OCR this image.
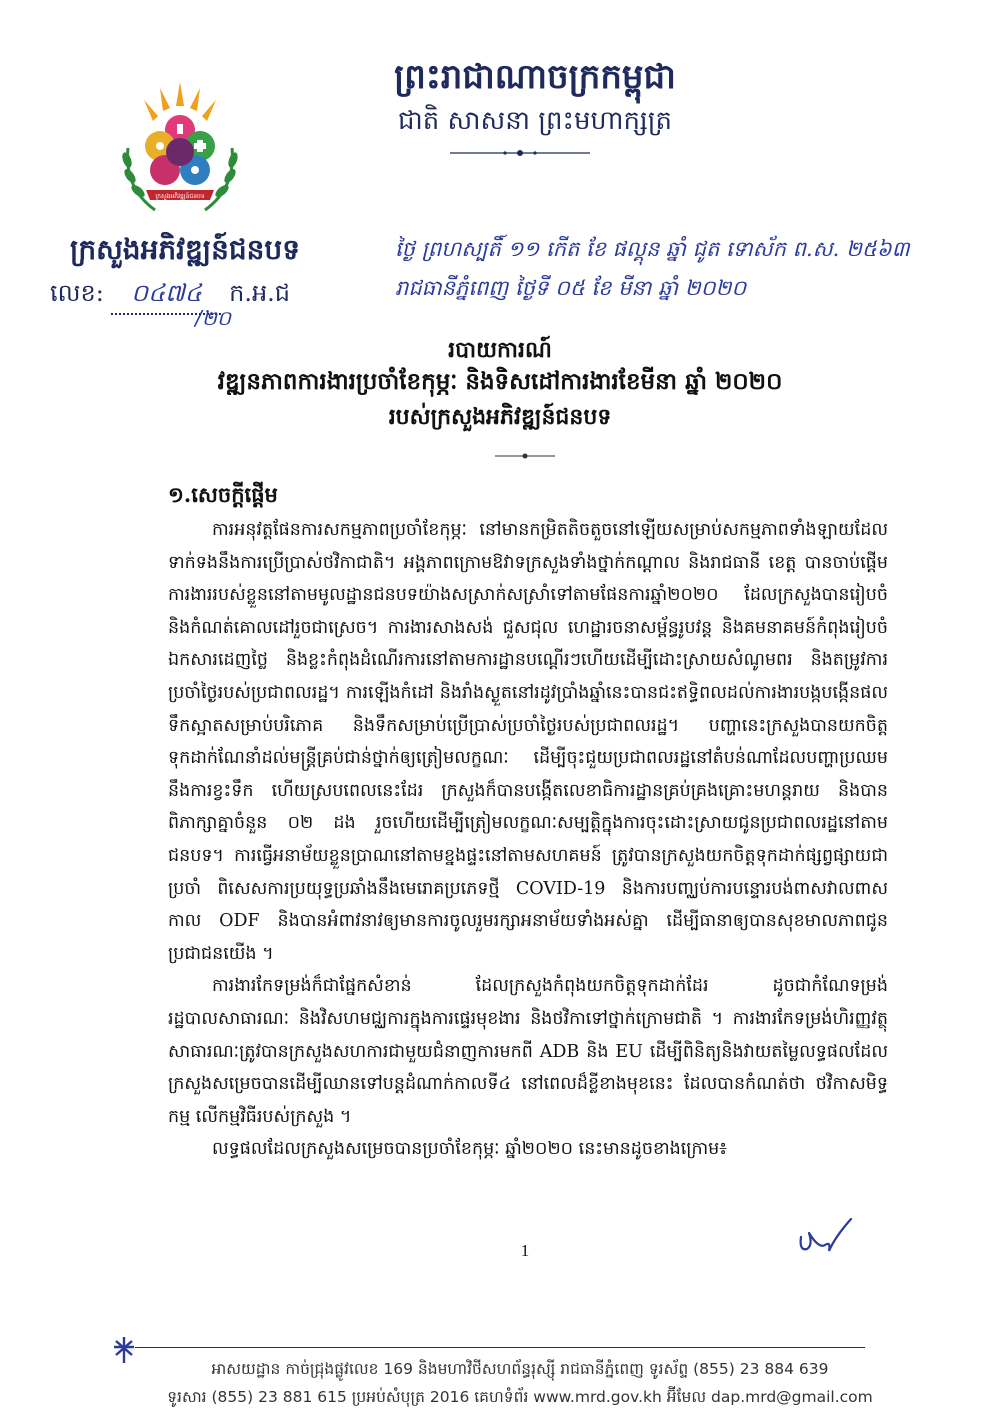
ព្រះរាជាណាចក្រកម្ពុជា
ជាតិ សាសនា ព្រះមហាក្សត្រ
ក្រសួងអភិវឌ្ឍន៍ជនបទ
ក្រសួងអភិវឌ្ឍន៍ជនបទ
លេខ: ០៤៧៤ ក.អ.ជ
/២០
ថ្ងៃ ព្រហស្បតិ៍ ១១ កើត ខែ ផល្គុន ឆ្នាំ ជូត ទោស័ក ព.ស. ២៥៦៣
រាជធានីភ្នំពេញ ថ្ងៃទី ០៥ ខែ មីនា ឆ្នាំ ២០២០
របាយការណ៍
វឌ្ឍនភាពការងារប្រចាំខែកុម្ភៈ និងទិសដៅការងារខែមីនា ឆ្នាំ ២០២០
របស់ក្រសួងអភិវឌ្ឍន៍ជនបទ
១.សេចក្តីផ្តើម

ការអនុវត្តផែនការសកម្មភាពប្រចាំខែកុម្ភៈ នៅមានកម្រិតតិចតួចនៅឡើយសម្រាប់សកម្មភាពទាំងឡាយដែលទាក់ទងនឹងការប្រើប្រាស់ថវិកាជាតិ។ អង្គភាពក្រោមឱវាទក្រសួងទាំងថ្នាក់កណ្តាល និងរាជធានី ខេត្ត បានចាប់ផ្តើមការងាររបស់ខ្លួននៅតាមមូលដ្ឋានជនបទយ៉ាងសស្រាក់សស្រាំទៅតាមផែនការឆ្នាំ២០២០ ដែលក្រសួងបានរៀបចំ និងកំណត់គោលដៅរួចជាស្រេច។ ការងារសាងសង់ ជួសជុល ហេដ្ឋារចនាសម្ព័ន្ធរូបវន្ត និងគមនាគមន៍កំពុងរៀបចំឯកសារដេញថ្លៃ និងខ្លះកំពុងដំណើរការនៅតាមការដ្ឋានបណ្តើរៗហើយដើម្បីដោះស្រាយសំណូមពរ និងតម្រូវការប្រចាំថ្ងៃរបស់ប្រជាពលរដ្ឋ។ ការឡើងកំដៅ និងរាំងស្ងួតនៅរដូវប្រាំងឆ្នាំនេះបានជះឥទ្ធិពលដល់ការងារបង្កបង្កើនផល ទឹកស្អាតសម្រាប់បរិភោគ និងទឹកសម្រាប់ប្រើប្រាស់ប្រចាំថ្ងៃរបស់ប្រជាពលរដ្ឋ។ បញ្ហានេះក្រសួងបានយកចិត្តទុកដាក់ណែនាំដល់មន្ត្រីគ្រប់ជាន់ថ្នាក់ឲ្យត្រៀមលក្ខណៈ ដើម្បីចុះជួយប្រជាពលរដ្ឋនៅតំបន់ណាដែលបញ្ហាប្រឈមនឹងការខ្វះទឹក ហើយស្របពេលនេះដែរ ក្រសួងក៏បានបង្កើតលេខាធិការដ្ឋានគ្រប់គ្រងគ្រោះមហន្តរាយ និងបានពិភាក្សាគ្នាចំនួន ០២ ដង រួចហើយដើម្បីត្រៀមលក្ខណៈសម្បត្តិក្នុងការចុះដោះស្រាយជូនប្រជាពលរដ្ឋនៅតាមជនបទ។ ការធ្វើអនាម័យខ្លួនប្រាណនៅតាមខ្នងផ្ទះនៅតាមសហគមន៍ ត្រូវបានក្រសួងយកចិត្តទុកដាក់ផ្សព្វផ្សាយជាប្រចាំ ពិសេសការប្រយុទ្ធប្រឆាំងនឹងមេរោគប្រភេទថ្មី COVID-19 និងការបញ្ឈប់ការបន្ទោរបង់ពាសវាលពាសកាល ODF និងបានអំពាវនាវឲ្យមានការចូលរួមរក្សាអនាម័យទាំងអស់គ្នា ដើម្បីធានាឲ្យបានសុខមាលភាពជូនប្រជាជនយើង ។

ការងារកែទម្រង់ក៏ជាផ្នែកសំខាន់ ដែលក្រសួងកំពុងយកចិត្តទុកដាក់ដែរ ដូចជាកំណែទម្រង់រដ្ឋបាលសាធារណៈ និងវិសហមជ្ឈការក្នុងការផ្ទេរមុខងារ និងថវិកាទៅថ្នាក់ក្រោមជាតិ ។ ការងារកែទម្រង់ហិរញ្ញវត្ថុសាធារណៈត្រូវបានក្រសួងសហការជាមួយជំនាញការមកពី ADB និង EU ដើម្បីពិនិត្យនិងវាយតម្លៃលទ្ធផលដែលក្រសួងសម្រេចបានដើម្បីឈានទៅបន្តដំណាក់កាលទី៤ នៅពេលដ៏ខ្លីខាងមុខនេះ ដែលបានកំណត់ថា ថវិកាសមិទ្ធកម្ម លើកម្មវិធីរបស់ក្រសួង ។

លទ្ធផលដែលក្រសួងសម្រេចបានប្រចាំខែកុម្ភៈ ឆ្នាំ២០២០ នេះមានដូចខាងក្រោម៖

1
អាសយដ្ឋាន កាច់ជ្រុងផ្លូវលេខ 169 និងមហាវិថីសហព័ន្ធរុស្ស៊ី រាជធានីភ្នំពេញ ទូរស័ព្ទ (855) 23 884 639
ទូរសារ (855) 23 881 615 ប្រអប់សំបុត្រ 2016 គេហទំព័រ www.mrd.gov.kh អ៊ីមែល dap.mrd@gmail.com
